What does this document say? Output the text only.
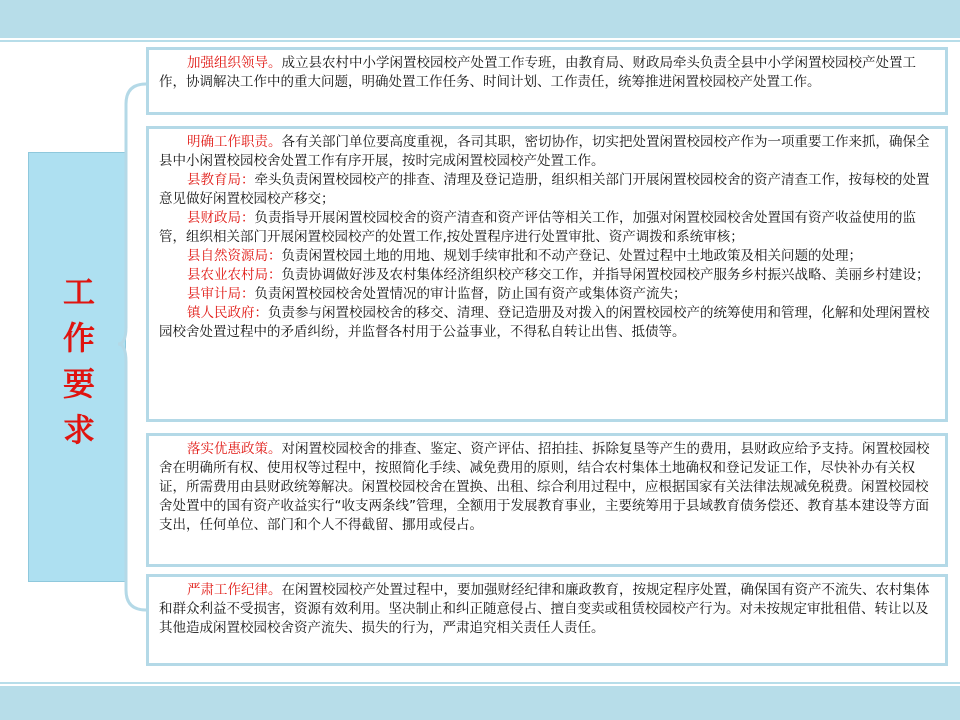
工作要求

加强组织领导。成立县农村中小学闲置校园校产处置工作专班，由教育局、财政局牵头负责全县中小学闲置校园校产处置工作，协调解决工作中的重大问题，明确处置工作任务、时间计划、工作责任，统筹推进闲置校园校产处置工作。

明确工作职责。各有关部门单位要高度重视，各司其职，密切协作，切实把处置闲置校园校产作为一项重要工作来抓，确保全县中小闲置校园校舍处置工作有序开展，按时完成闲置校园校产处置工作。

县教育局：牵头负责闲置校园校产的排查、清理及登记造册，组织相关部门开展闲置校园校舍的资产清查工作，按每校的处置意见做好闲置校园校产移交；

县财政局：负责指导开展闲置校园校舍的资产清查和资产评估等相关工作，加强对闲置校园校舍处置国有资产收益使用的监管，组织相关部门开展闲置校园校产的处置工作,按处置程序进行处置审批、资产调拨和系统审核；

县自然资源局：负责闲置校园土地的用地、规划手续审批和不动产登记、处置过程中土地政策及相关问题的处理；

县农业农村局：负责协调做好涉及农村集体经济组织校产移交工作，并指导闲置校园校产服务乡村振兴战略、美丽乡村建设；

县审计局：负责闲置校园校舍处置情况的审计监督，防止国有资产或集体资产流失；

镇人民政府：负责参与闲置校园校舍的移交、清理、登记造册及对拨入的闲置校园校产的统筹使用和管理，化解和处理闲置校园校舍处置过程中的矛盾纠纷，并监督各村用于公益事业，不得私自转让出售、抵债等。

落实优惠政策。对闲置校园校舍的排查、鉴定、资产评估、招拍挂、拆除复垦等产生的费用，县财政应给予支持。闲置校园校舍在明确所有权、使用权等过程中，按照简化手续、减免费用的原则，结合农村集体土地确权和登记发证工作，尽快补办有关权证，所需费用由县财政统筹解决。闲置校园校舍在置换、出租、综合利用过程中，应根据国家有关法律法规减免税费。闲置校园校舍处置中的国有资产收益实行“收支两条线”管理，全额用于发展教育事业，主要统筹用于县域教育债务偿还、教育基本建设等方面支出，任何单位、部门和个人不得截留、挪用或侵占。

严肃工作纪律。在闲置校园校产处置过程中，要加强财经纪律和廉政教育，按规定程序处置，确保国有资产不流失、农村集体和群众利益不受损害，资源有效利用。坚决制止和纠正随意侵占、擅自变卖或租赁校园校产行为。对未按规定审批租借、转让以及其他造成闲置校园校舍资产流失、损失的行为，严肃追究相关责任人责任。
